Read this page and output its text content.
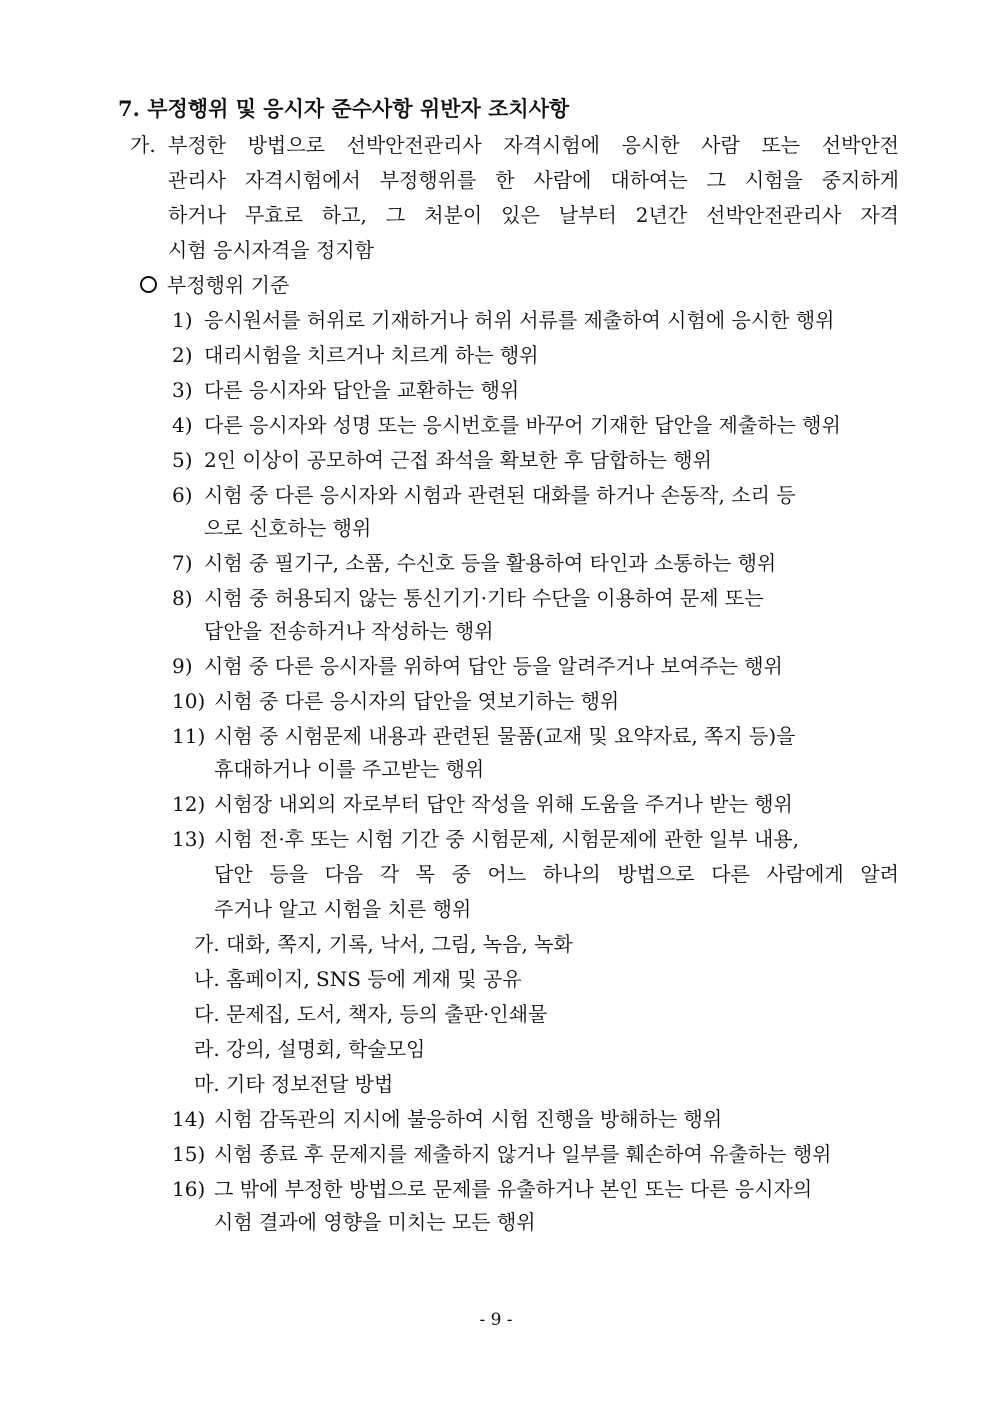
7. 부정행위 및 응시자 준수사항 위반자 조치사항
가. 부정한 방법으로 선박안전관리사 자격시험에 응시한 사람 또는 선박안전
관리사 자격시험에서 부정행위를 한 사람에 대하여는 그 시험을 중지하게
하거나 무효로 하고, 그 처분이 있은 날부터 2년간 선박안전관리사 자격
시험 응시자격을 정지함
부정행위 기준
1) 응시원서를 허위로 기재하거나 허위 서류를 제출하여 시험에 응시한 행위
2) 대리시험을 치르거나 치르게 하는 행위
3) 다른 응시자와 답안을 교환하는 행위
4) 다른 응시자와 성명 또는 응시번호를 바꾸어 기재한 답안을 제출하는 행위
5) 2인 이상이 공모하여 근접 좌석을 확보한 후 담합하는 행위
6) 시험 중 다른 응시자와 시험과 관련된 대화를 하거나 손동작, 소리 등
으로 신호하는 행위
7) 시험 중 필기구, 소품, 수신호 등을 활용하여 타인과 소통하는 행위
8) 시험 중 허용되지 않는 통신기기·기타 수단을 이용하여 문제 또는
답안을 전송하거나 작성하는 행위
9) 시험 중 다른 응시자를 위하여 답안 등을 알려주거나 보여주는 행위
10) 시험 중 다른 응시자의 답안을 엿보기하는 행위
11) 시험 중 시험문제 내용과 관련된 물품(교재 및 요약자료, 쪽지 등)을
휴대하거나 이를 주고받는 행위
12) 시험장 내외의 자로부터 답안 작성을 위해 도움을 주거나 받는 행위
13) 시험 전·후 또는 시험 기간 중 시험문제, 시험문제에 관한 일부 내용,
답안 등을 다음 각 목 중 어느 하나의 방법으로 다른 사람에게 알려
주거나 알고 시험을 치른 행위
가. 대화, 쪽지, 기록, 낙서, 그림, 녹음, 녹화
나. 홈페이지, SNS 등에 게재 및 공유
다. 문제집, 도서, 책자, 등의 출판·인쇄물
라. 강의, 설명회, 학술모임
마. 기타 정보전달 방법
14) 시험 감독관의 지시에 불응하여 시험 진행을 방해하는 행위
15) 시험 종료 후 문제지를 제출하지 않거나 일부를 훼손하여 유출하는 행위
16) 그 밖에 부정한 방법으로 문제를 유출하거나 본인 또는 다른 응시자의
시험 결과에 영향을 미치는 모든 행위
- 9 -
